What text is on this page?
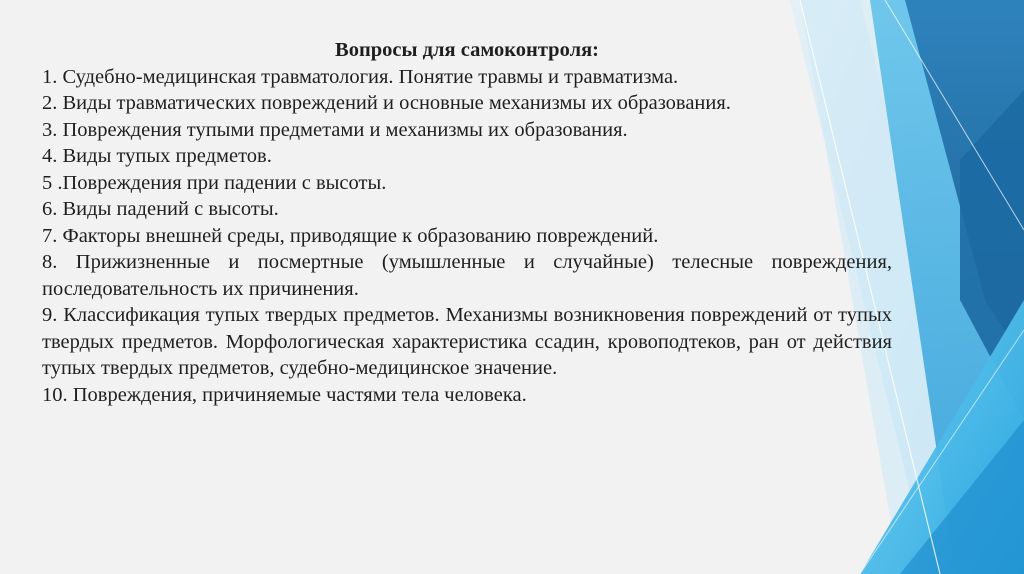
Вопросы для самоконтроля:

1. Судебно-медицинская травматология. Понятие травмы и травматизма.

2. Виды травматических повреждений и основные механизмы их образования.

3. Повреждения тупыми предметами и механизмы их образования.

4. Виды тупых предметов.

5 .Повреждения при падении с высоты.

6. Виды падений с высоты.

7. Факторы внешней среды, приводящие к образованию повреждений.

8. Прижизненные и посмертные (умышленные и случайные) телесные повреждения, последовательность их причинения.

9. Классификация тупых твердых предметов. Механизмы возникновения повреждений от тупых твердых предметов. Морфологическая характеристика ссадин, кровоподтеков, ран от действия тупых твердых предметов, судебно-медицинское значение.

10. Повреждения, причиняемые частями тела человека.
